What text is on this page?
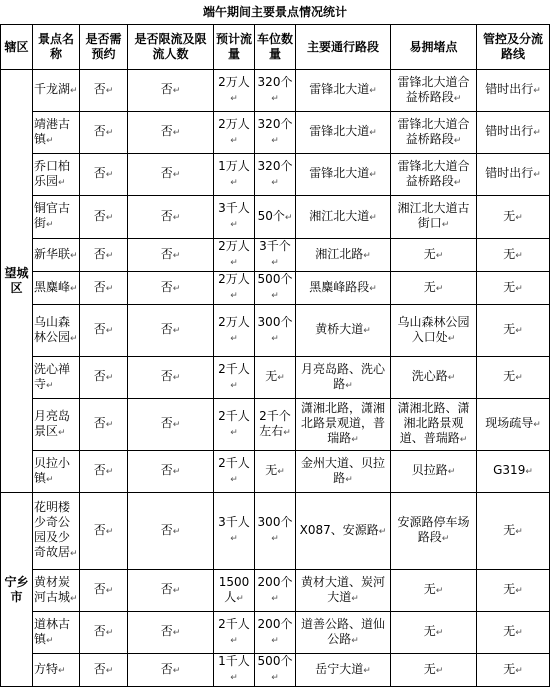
端午期间主要景点情况统计
辖区	景点名称	是否需预约	是否限流及限流人数	预计流量	车位数量	主要通行路段	易拥堵点	管控及分流路线
望城区	千龙湖↵	否↵	否↵	2万人↵	320个↵	雷锋北大道↵	雷锋北大道合益桥路段↵	错时出行↵
	靖港古镇↵	否↵	否↵	2万人↵	320个↵	雷锋北大道↵	雷锋北大道合益桥路段↵	错时出行↵
	乔口柏乐园↵	否↵	否↵	1万人↵	320个↵	雷锋北大道↵	雷锋北大道合益桥路段↵	错时出行↵
	铜官古街↵	否↵	否↵	3千人↵	50个↵	湘江北大道↵	湘江北大道古街口↵	无↵
	新华联↵	否↵	否↵	2万人↵	3千个↵	湘江北路↵	无↵	无↵
	黑麋峰↵	否↵	否↵	2万人↵	500个↵	黑麋峰路段↵	无↵	无↵
	乌山森林公园↵	否↵	否↵	2万人↵	300个↵	黄桥大道↵	乌山森林公园入口处↵	无↵
	洗心禅寺↵	否↵	否↵	2千人↵	无↵	月亮岛路、洗心路↵	洗心路↵	无↵
	月亮岛景区↵	否↵	否↵	2千人↵	2千个左右↵	潇湘北路，潇湘北路景观道，普瑞路↵	潇湘北路、潇湘北路景观道、普瑞路↵	现场疏导↵
	贝拉小镇↵	否↵	否↵	2千人↵	无↵	金州大道、贝拉路↵	贝拉路↵	G319↵
宁乡市	花明楼少奇公园及少奇故居↵	否↵	否↵	3千人↵	300个↵	X087、安源路↵	安源路停车场路段↵	无↵
	黄材炭河古城↵	否↵	否↵	1500人↵	200个↵	黄材大道、炭河大道↵	无↵	无↵
	道林古镇↵	否↵	否↵	2千人↵	200个↵	道善公路、道仙公路↵	无↵	无↵
	方特↵	否↵	否↵	1千人↵	500个↵	岳宁大道↵	无↵	无↵
